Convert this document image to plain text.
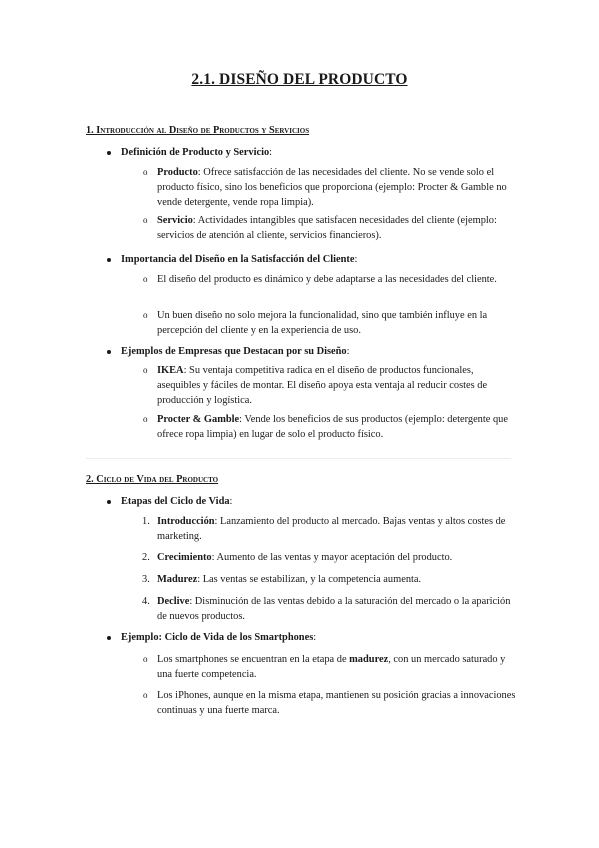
2.1. DISEÑO DEL PRODUCTO
1. Introducción al Diseño de Productos y Servicios
Definición de Producto y Servicio:
o Producto: Ofrece satisfacción de las necesidades del cliente. No se vende solo el producto físico, sino los beneficios que proporciona (ejemplo: Procter & Gamble no vende detergente, vende ropa limpia).
o Servicio: Actividades intangibles que satisfacen necesidades del cliente (ejemplo: servicios de atención al cliente, servicios financieros).
Importancia del Diseño en la Satisfacción del Cliente:
o El diseño del producto es dinámico y debe adaptarse a las necesidades del cliente.
o Un buen diseño no solo mejora la funcionalidad, sino que también influye en la percepción del cliente y en la experiencia de uso.
Ejemplos de Empresas que Destacan por su Diseño:
o IKEA: Su ventaja competitiva radica en el diseño de productos funcionales, asequibles y fáciles de montar. El diseño apoya esta ventaja al reducir costes de producción y logística.
o Procter & Gamble: Vende los beneficios de sus productos (ejemplo: detergente que ofrece ropa limpia) en lugar de solo el producto físico.
2. Ciclo de Vida del Producto
Etapas del Ciclo de Vida:
1. Introducción: Lanzamiento del producto al mercado. Bajas ventas y altos costes de marketing.
2. Crecimiento: Aumento de las ventas y mayor aceptación del producto.
3. Madurez: Las ventas se estabilizan, y la competencia aumenta.
4. Declive: Disminución de las ventas debido a la saturación del mercado o la aparición de nuevos productos.
Ejemplo: Ciclo de Vida de los Smartphones:
o Los smartphones se encuentran en la etapa de madurez, con un mercado saturado y una fuerte competencia.
o Los iPhones, aunque en la misma etapa, mantienen su posición gracias a innovaciones continuas y una fuerte marca.
